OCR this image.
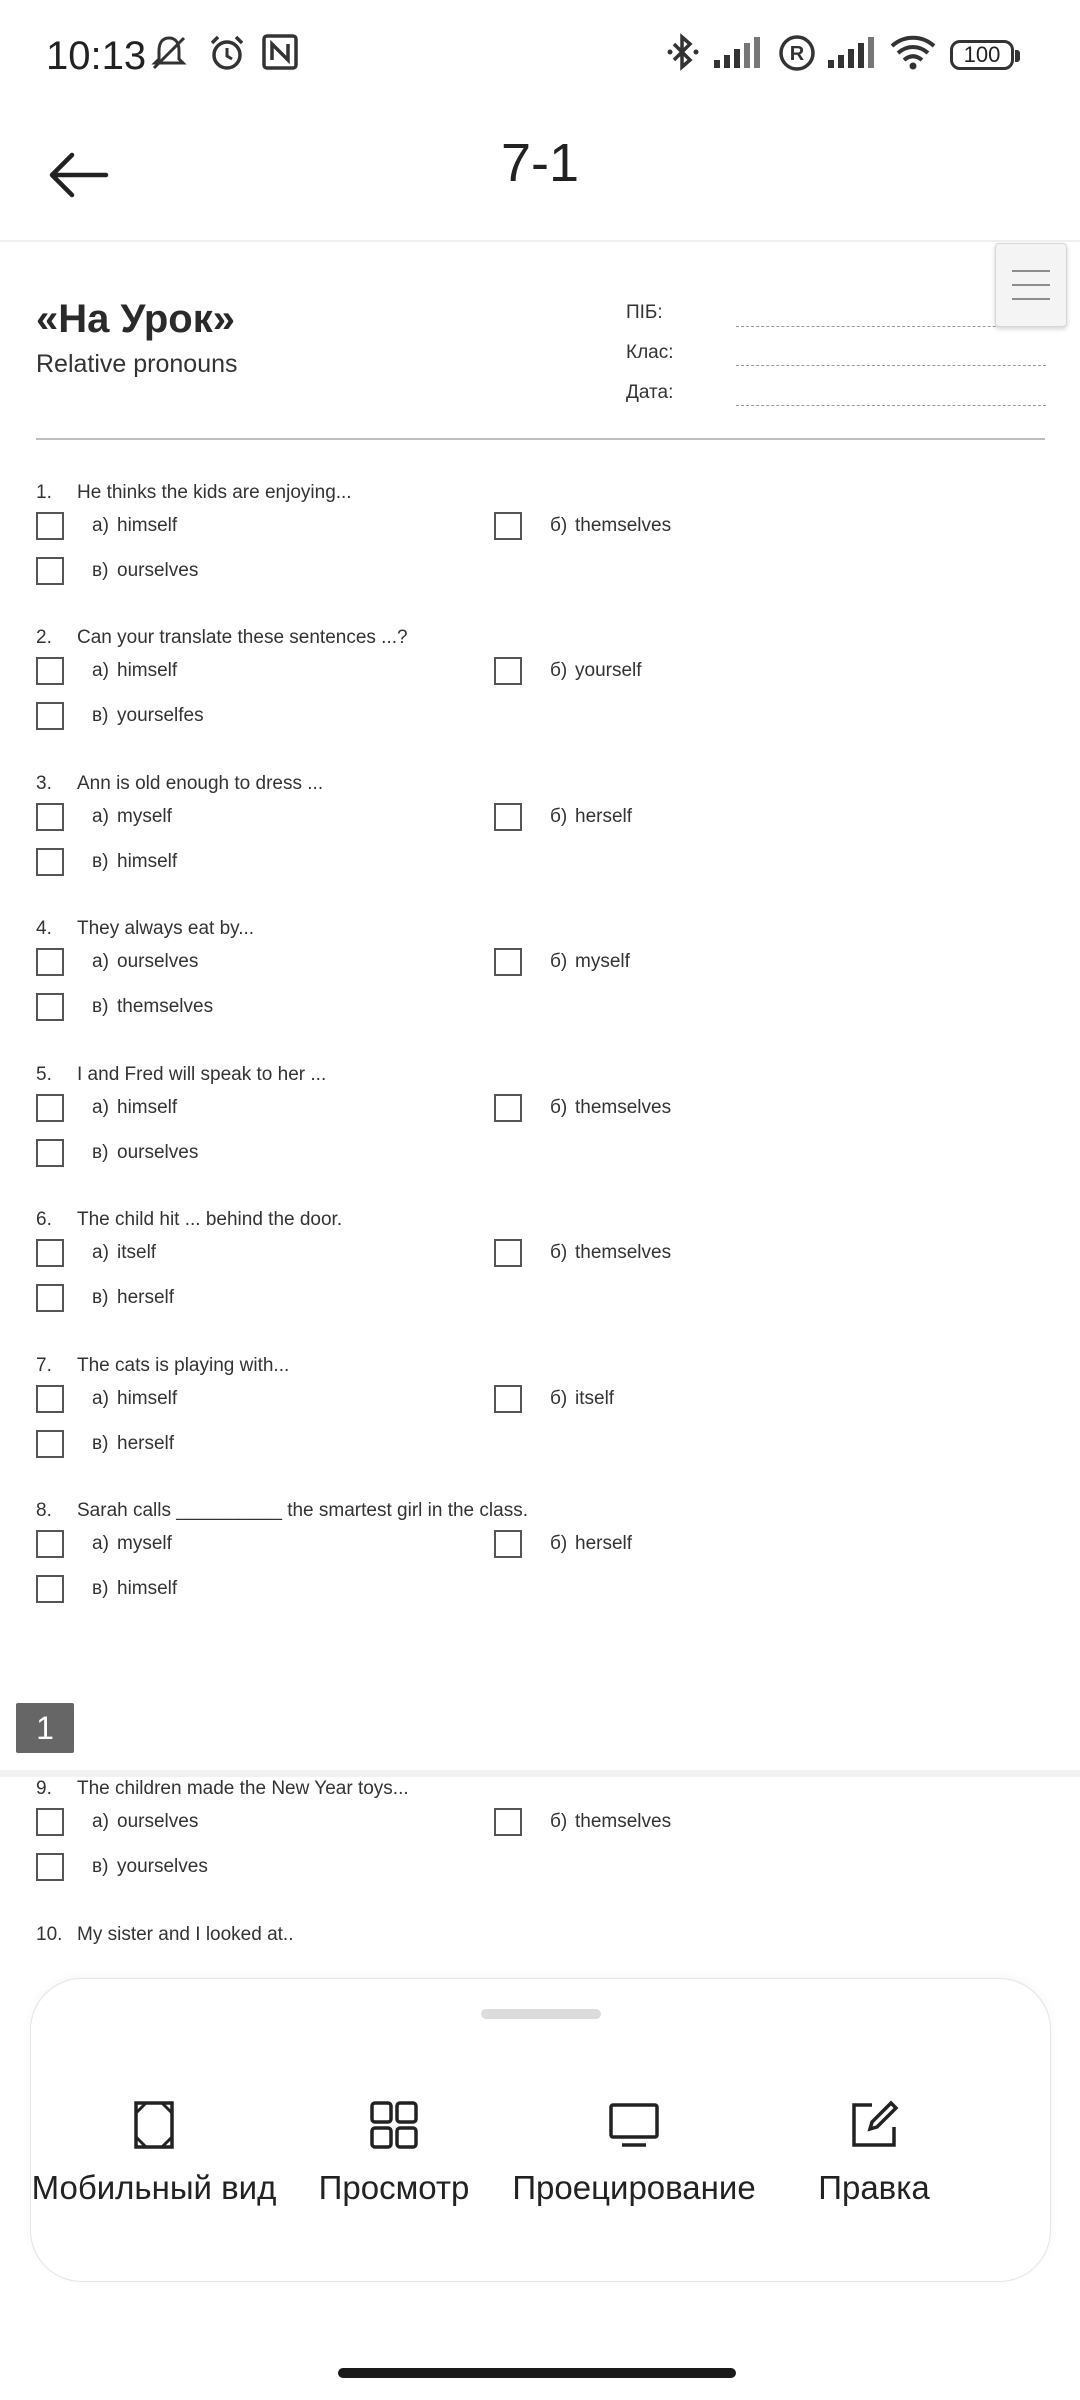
10:13	R	100
7-1
«На Урок»
Relative pronouns
ПІБ:
Клас:
Дата:
1. He thinks the kids are enjoying...
а) himself	б) themselves
в) ourselves
2. Can your translate these sentences ...?
а) himself	б) yourself
в) yourselfes
3. Ann is old enough to dress ...
а) myself	б) herself
в) himself
4. They always eat by...
а) ourselves	б) myself
в) themselves
5. I and Fred will speak to her ...
а) himself	б) themselves
в) ourselves
6. The child hit ... behind the door.
а) itself	б) themselves
в) herself
7. The cats is playing with...
а) himself	б) itself
в) herself
8. Sarah calls __________ the smartest girl in the class.
а) myself	б) herself
в) himself
9. The children made the New Year toys...
а) ourselves	б) themselves
в) yourselves
10. My sister and I looked at..
1
Мобильный вид	Просмотр	Проецирование	Правка
